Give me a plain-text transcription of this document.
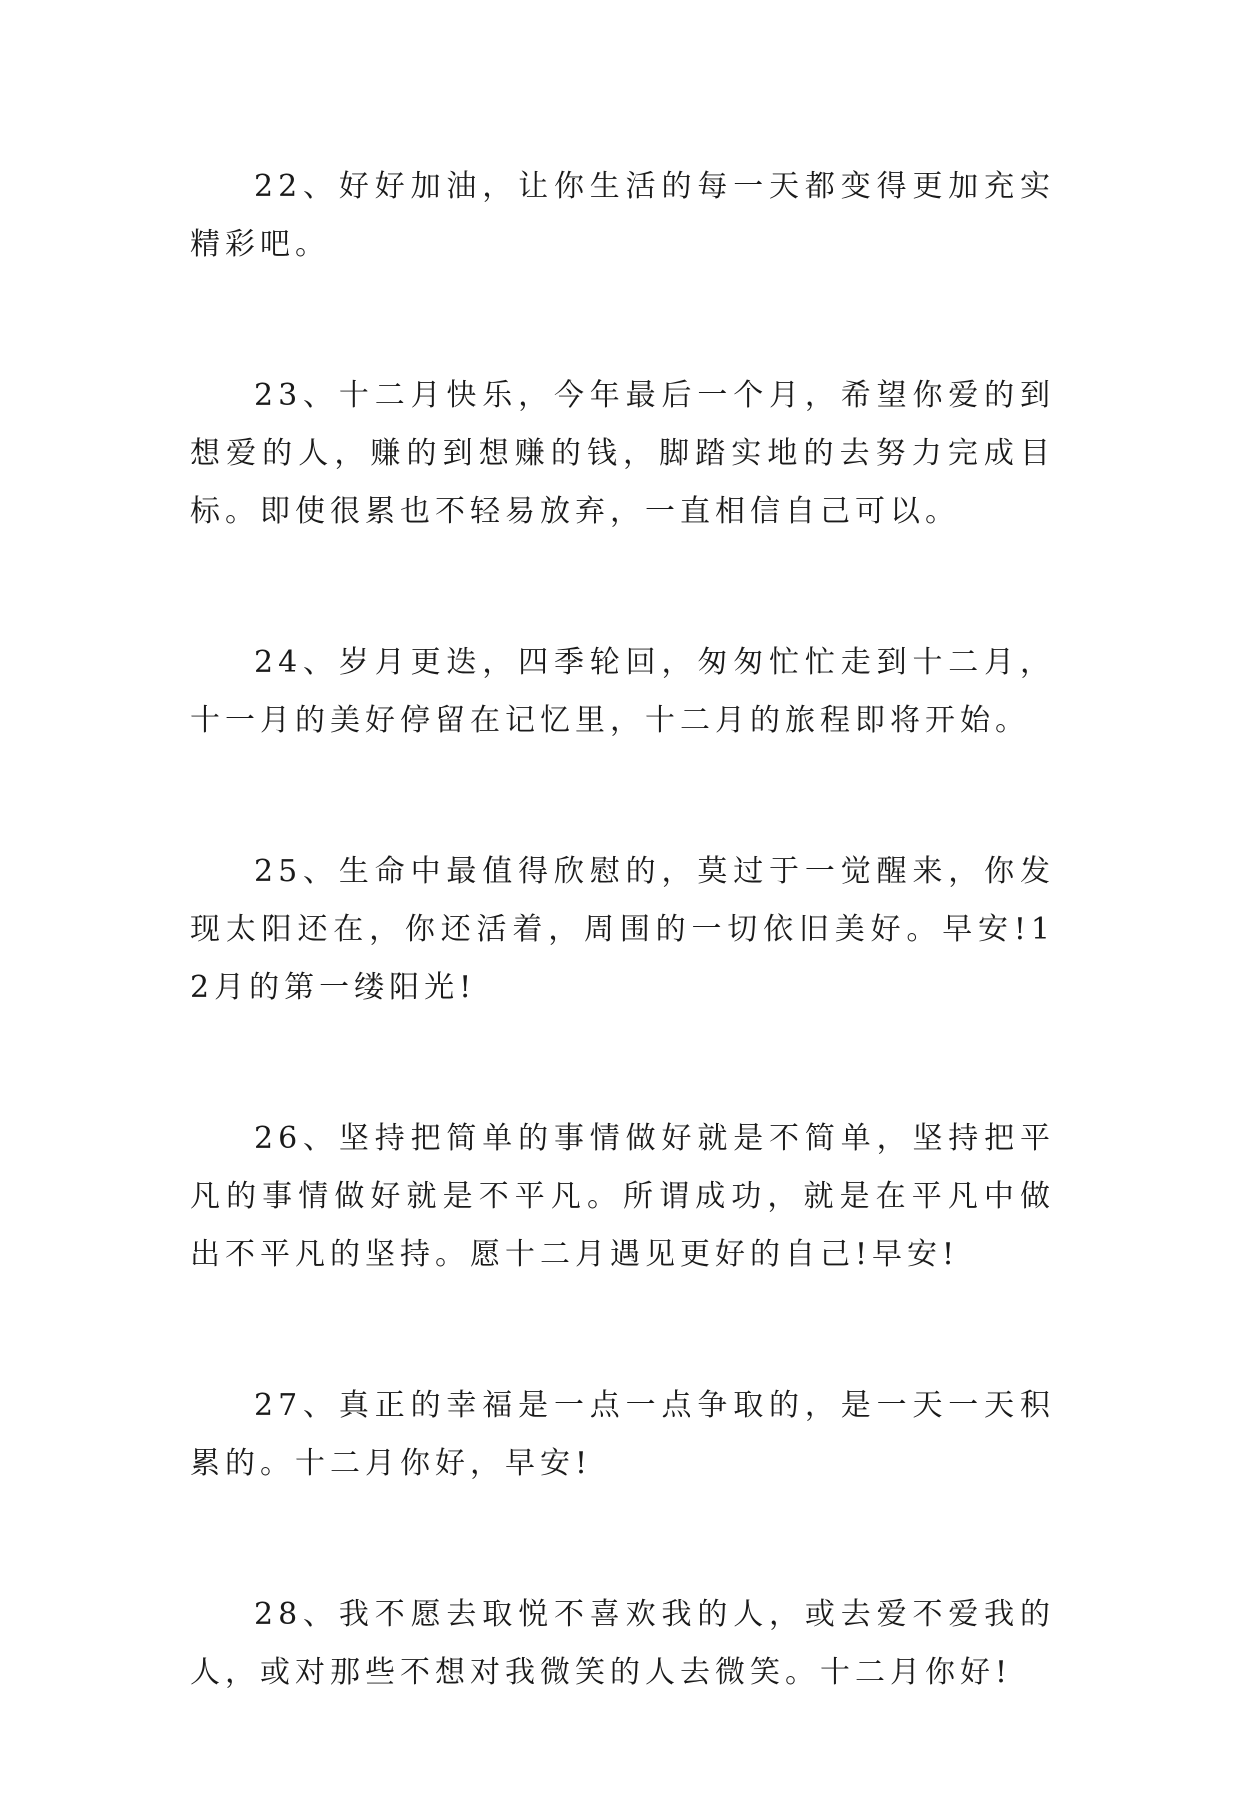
22、好好加油，让你生活的每一天都变得更加充实精彩吧。

23、十二月快乐，今年最后一个月，希望你爱的到想爱的人，赚的到想赚的钱，脚踏实地的去努力完成目标。即使很累也不轻易放弃，一直相信自己可以。

24、岁月更迭，四季轮回，匆匆忙忙走到十二月，十一月的美好停留在记忆里，十二月的旅程即将开始。

25、生命中最值得欣慰的，莫过于一觉醒来，你发现太阳还在，你还活着，周围的一切依旧美好。早安!12月的第一缕阳光!

26、坚持把简单的事情做好就是不简单，坚持把平凡的事情做好就是不平凡。所谓成功，就是在平凡中做出不平凡的坚持。愿十二月遇见更好的自己!早安!

27、真正的幸福是一点一点争取的，是一天一天积累的。十二月你好，早安!

28、我不愿去取悦不喜欢我的人，或去爱不爱我的人，或对那些不想对我微笑的人去微笑。十二月你好!
